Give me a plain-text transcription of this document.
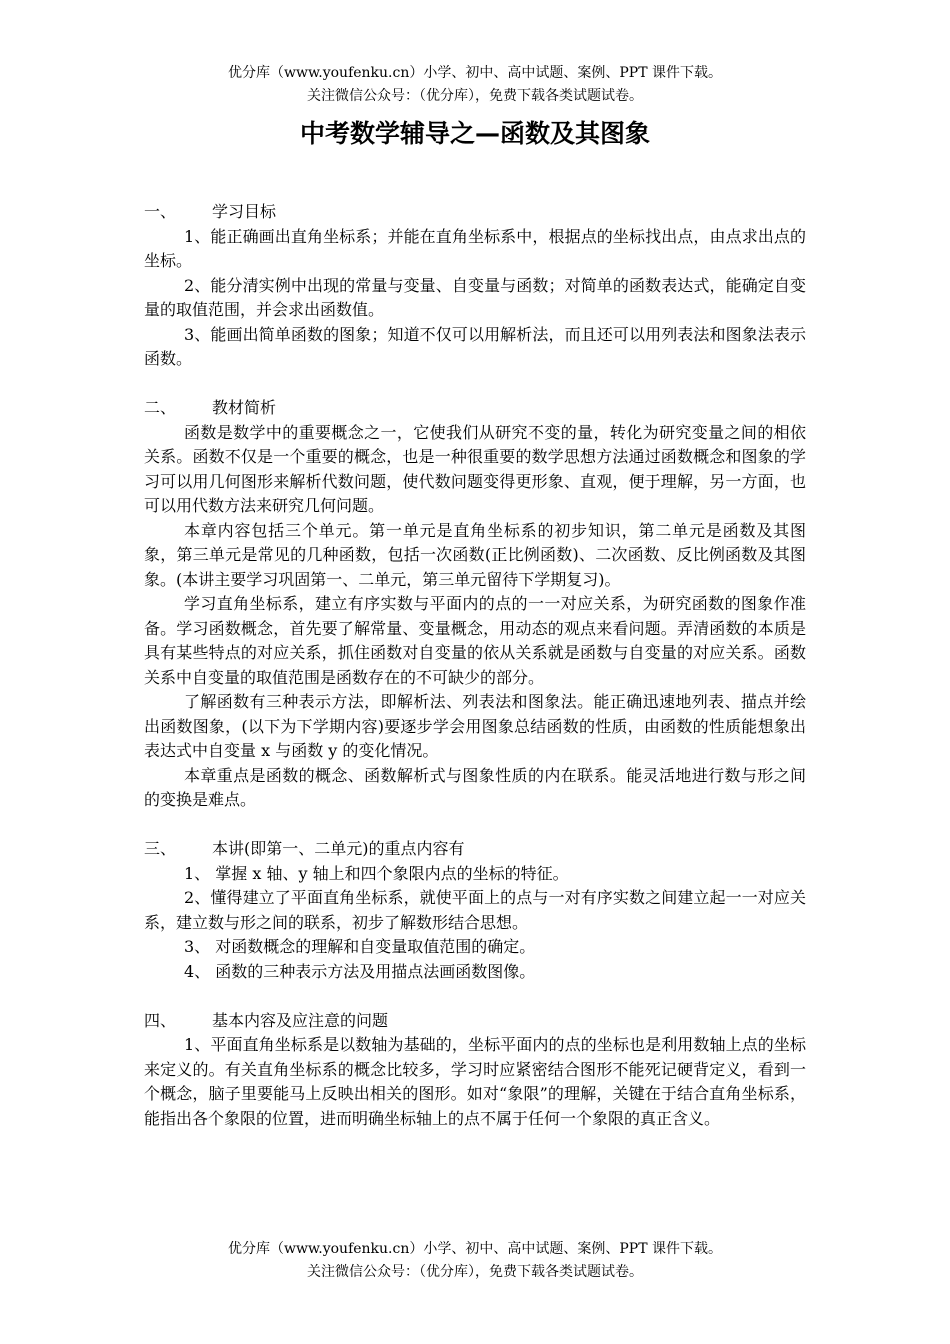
优分库（www.youfenku.cn）小学、初中、高中试题、案例、PPT 课件下载。
关注微信公众号：（优分库），免费下载各类试题试卷。
中考数学辅导之—函数及其图象
一、 学习目标

1、能正确画出直角坐标系；并能在直角坐标系中，根据点的坐标找出点，由点求出点的坐标。

2、能分清实例中出现的常量与变量、自变量与函数；对简单的函数表达式，能确定自变量的取值范围，并会求出函数值。

3、能画出简单函数的图象；知道不仅可以用解析法，而且还可以用列表法和图象法表示函数。

二、 教材简析

函数是数学中的重要概念之一，它使我们从研究不变的量，转化为研究变量之间的相依关系。函数不仅是一个重要的概念，也是一种很重要的数学思想方法通过函数概念和图象的学习可以用几何图形来解析代数问题，使代数问题变得更形象、直观，便于理解，另一方面，也可以用代数方法来研究几何问题。

本章内容包括三个单元。第一单元是直角坐标系的初步知识，第二单元是函数及其图象，第三单元是常见的几种函数，包括一次函数(正比例函数)、二次函数、反比例函数及其图象。(本讲主要学习巩固第一、二单元，第三单元留待下学期复习)。

学习直角坐标系，建立有序实数与平面内的点的一一对应关系，为研究函数的图象作准备。学习函数概念，首先要了解常量、变量概念，用动态的观点来看问题。弄清函数的本质是具有某些特点的对应关系，抓住函数对自变量的依从关系就是函数与自变量的对应关系。函数关系中自变量的取值范围是函数存在的不可缺少的部分。

了解函数有三种表示方法，即解析法、列表法和图象法。能正确迅速地列表、描点并绘出函数图象，(以下为下学期内容)要逐步学会用图象总结函数的性质，由函数的性质能想象出表达式中自变量 x 与函数 y 的变化情况。

本章重点是函数的概念、函数解析式与图象性质的内在联系。能灵活地进行数与形之间的变换是难点。

三、 本讲(即第一、二单元)的重点内容有

1、 掌握 x 轴、y 轴上和四个象限内点的坐标的特征。

2、懂得建立了平面直角坐标系，就使平面上的点与一对有序实数之间建立起一一对应关系，建立数与形之间的联系，初步了解数形结合思想。

3、 对函数概念的理解和自变量取值范围的确定。

4、 函数的三种表示方法及用描点法画函数图像。

四、 基本内容及应注意的问题

1、平面直角坐标系是以数轴为基础的，坐标平面内的点的坐标也是利用数轴上点的坐标来定义的。有关直角坐标系的概念比较多，学习时应紧密结合图形不能死记硬背定义，看到一个概念，脑子里要能马上反映出相关的图形。如对“象限”的理解，关键在于结合直角坐标系，能指出各个象限的位置，进而明确坐标轴上的点不属于任何一个象限的真正含义。

优分库（www.youfenku.cn）小学、初中、高中试题、案例、PPT 课件下载。
关注微信公众号：（优分库），免费下载各类试题试卷。
